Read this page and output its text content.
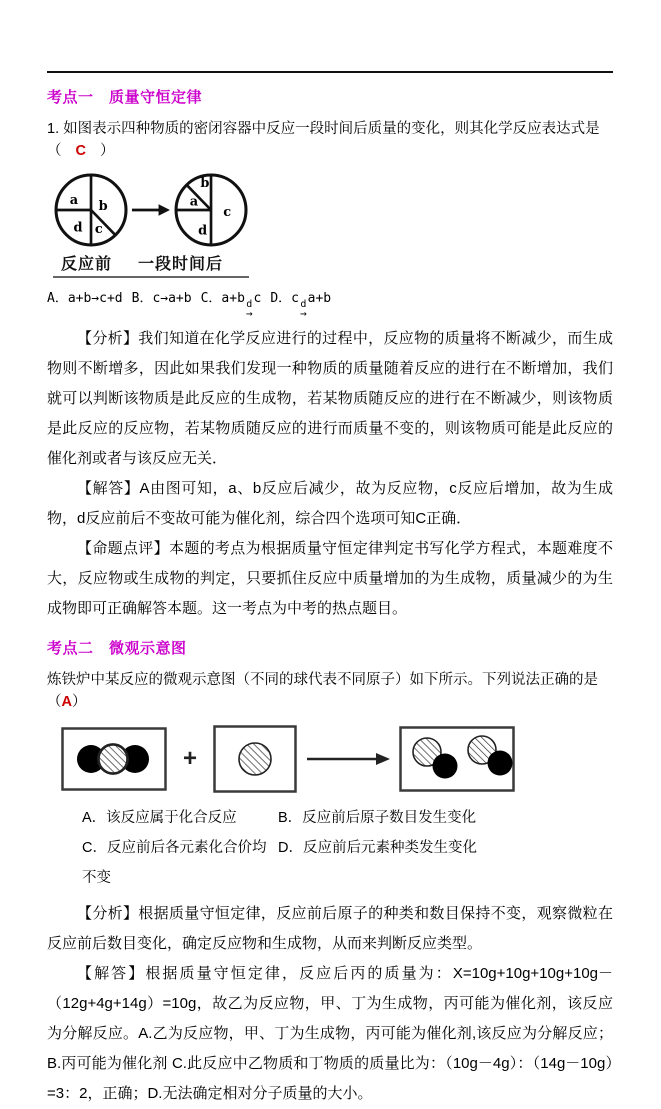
考点一　质量守恒定律

1. 如图表示四种物质的密闭容器中反应一段时间后质量的变化，则其化学反应表达式是（ C ）

a b
c
d
b
a
c
d
反应前 一段时间后
A．a+b→c+d B．c→a+b C．a+b d
→
c D．c d
→
a+b

【分析】我们知道在化学反应进行的过程中，反应物的质量将不断减少，而生成物则不断增多，因此如果我们发现一种物质的质量随着反应的进行在不断增加，我们就可以判断该物质是此反应的生成物，若某物质随反应的进行在不断减少，则该物质是此反应的反应物，若某物质随反应的进行而质量不变的，则该物质可能是此反应的催化剂或者与该反应无关．

【解答】A由图可知，a、b反应后减少，故为反应物，c反应后增加，故为生成物，d反应前后不变故可能为催化剂，综合四个选项可知C正确．

【命题点评】本题的考点为根据质量守恒定律判定书写化学方程式，本题难度不大，反应物或生成物的判定，只要抓住反应中质量增加的为生成物，质量减少的为生成物即可正确解答本题。这一考点为中考的热点题目。

考点二　微观示意图

炼铁炉中某反应的微观示意图（不同的球代表不同原子）如下所示。下列说法正确的是（A）

+
A．该反应属于化合反应	B．反应前后原子数目发生变化
C．反应前后各元素化合价均不变
D．反应前后元素种类发生变化

【分析】根据质量守恒定律，反应前后原子的种类和数目保持不变，观察微粒在反应前后数目变化，确定反应物和生成物，从而来判断反应类型。

【解答】根据质量守恒定律，反应后丙的质量为：X=10g+10g+10g+10g－（12g+4g+14g）=10g，故乙为反应物，甲、丁为生成物，丙可能为催化剂，该反应为分解反应。A.乙为反应物，甲、丁为生成物，丙可能为催化剂,该反应为分解反应；B.丙可能为催化剂 C.此反应中乙物质和丁物质的质量比为：（10g－4g）：（14g－10g）=3：2，正确；D.无法确定相对分子质量的大小。
